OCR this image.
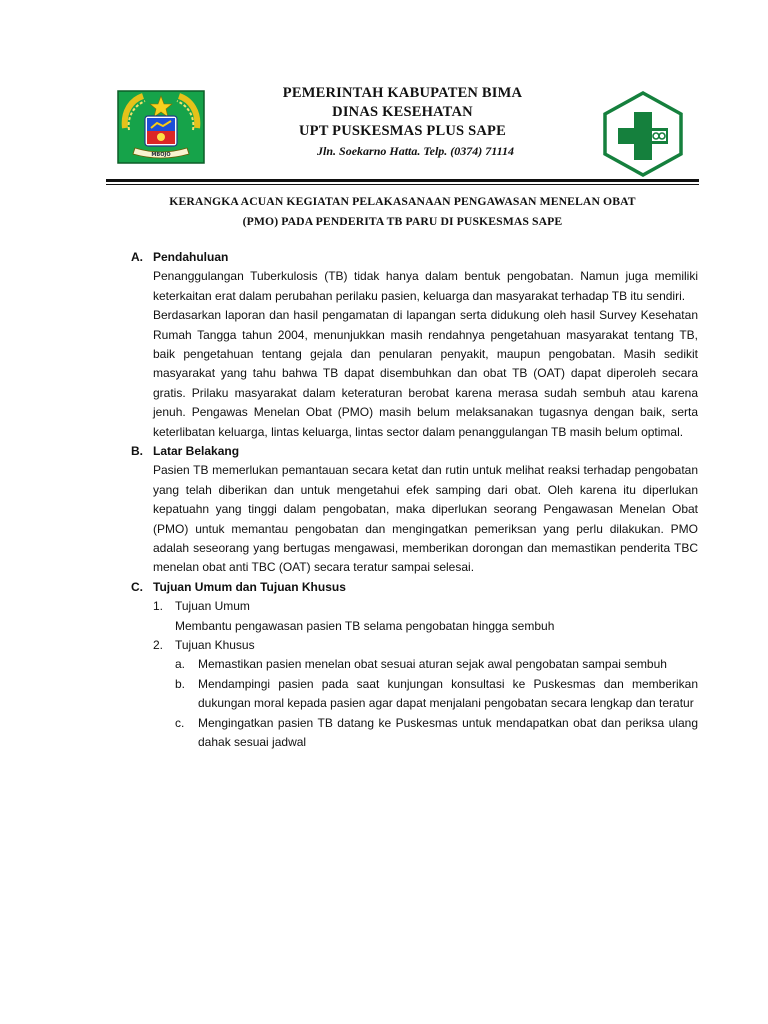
MBOJO
PEMERINTAH KABUPATEN BIMA
DINAS KESEHATAN
UPT PUSKESMAS PLUS SAPE
Jln. Soekarno Hatta. Telp. (0374) 71114
KERANGKA ACUAN KEGIATAN PELAKASANAAN PENGAWASAN MENELAN OBAT
(PMO) PADA PENDERITA TB PARU DI PUSKESMAS SAPE
A. Pendahuluan
Penanggulangan Tuberkulosis (TB) tidak hanya dalam bentuk pengobatan. Namun juga memiliki keterkaitan erat dalam perubahan perilaku pasien, keluarga dan masyarakat terhadap TB itu sendiri.
Berdasarkan laporan dan hasil pengamatan di lapangan serta didukung oleh hasil Survey Kesehatan Rumah Tangga tahun 2004, menunjukkan masih rendahnya pengetahuan masyarakat tentang TB, baik pengetahuan tentang gejala dan penularan penyakit, maupun pengobatan. Masih sedikit masyarakat yang tahu bahwa TB dapat disembuhkan dan obat TB (OAT) dapat diperoleh secara gratis. Prilaku masyarakat dalam keteraturan berobat karena merasa sudah sembuh atau karena jenuh. Pengawas Menelan Obat (PMO) masih belum melaksanakan tugasnya dengan baik, serta keterlibatan keluarga, lintas keluarga, lintas sector dalam penanggulangan TB masih belum optimal.
B. Latar Belakang
Pasien TB memerlukan pemantauan secara ketat dan rutin untuk melihat reaksi terhadap pengobatan yang telah diberikan dan untuk mengetahui efek samping dari obat. Oleh karena itu diperlukan kepatuahn yang tinggi dalam pengobatan, maka diperlukan seorang Pengawasan Menelan Obat (PMO) untuk memantau pengobatan dan mengingatkan pemeriksan yang perlu dilakukan. PMO adalah seseorang yang bertugas mengawasi, memberikan dorongan dan memastikan penderita TBC menelan obat anti TBC (OAT) secara teratur sampai selesai.
C. Tujuan Umum dan Tujuan Khusus
1. Tujuan Umum
Membantu pengawasan pasien TB selama pengobatan hingga sembuh
2. Tujuan Khusus
a. Memastikan pasien menelan obat sesuai aturan sejak awal pengobatan sampai sembuh
b. Mendampingi pasien pada saat kunjungan konsultasi ke Puskesmas dan memberikan dukungan moral kepada pasien agar dapat menjalani pengobatan secara lengkap dan teratur
c. Mengingatkan pasien TB datang ke Puskesmas untuk mendapatkan obat dan periksa ulang dahak sesuai jadwal
